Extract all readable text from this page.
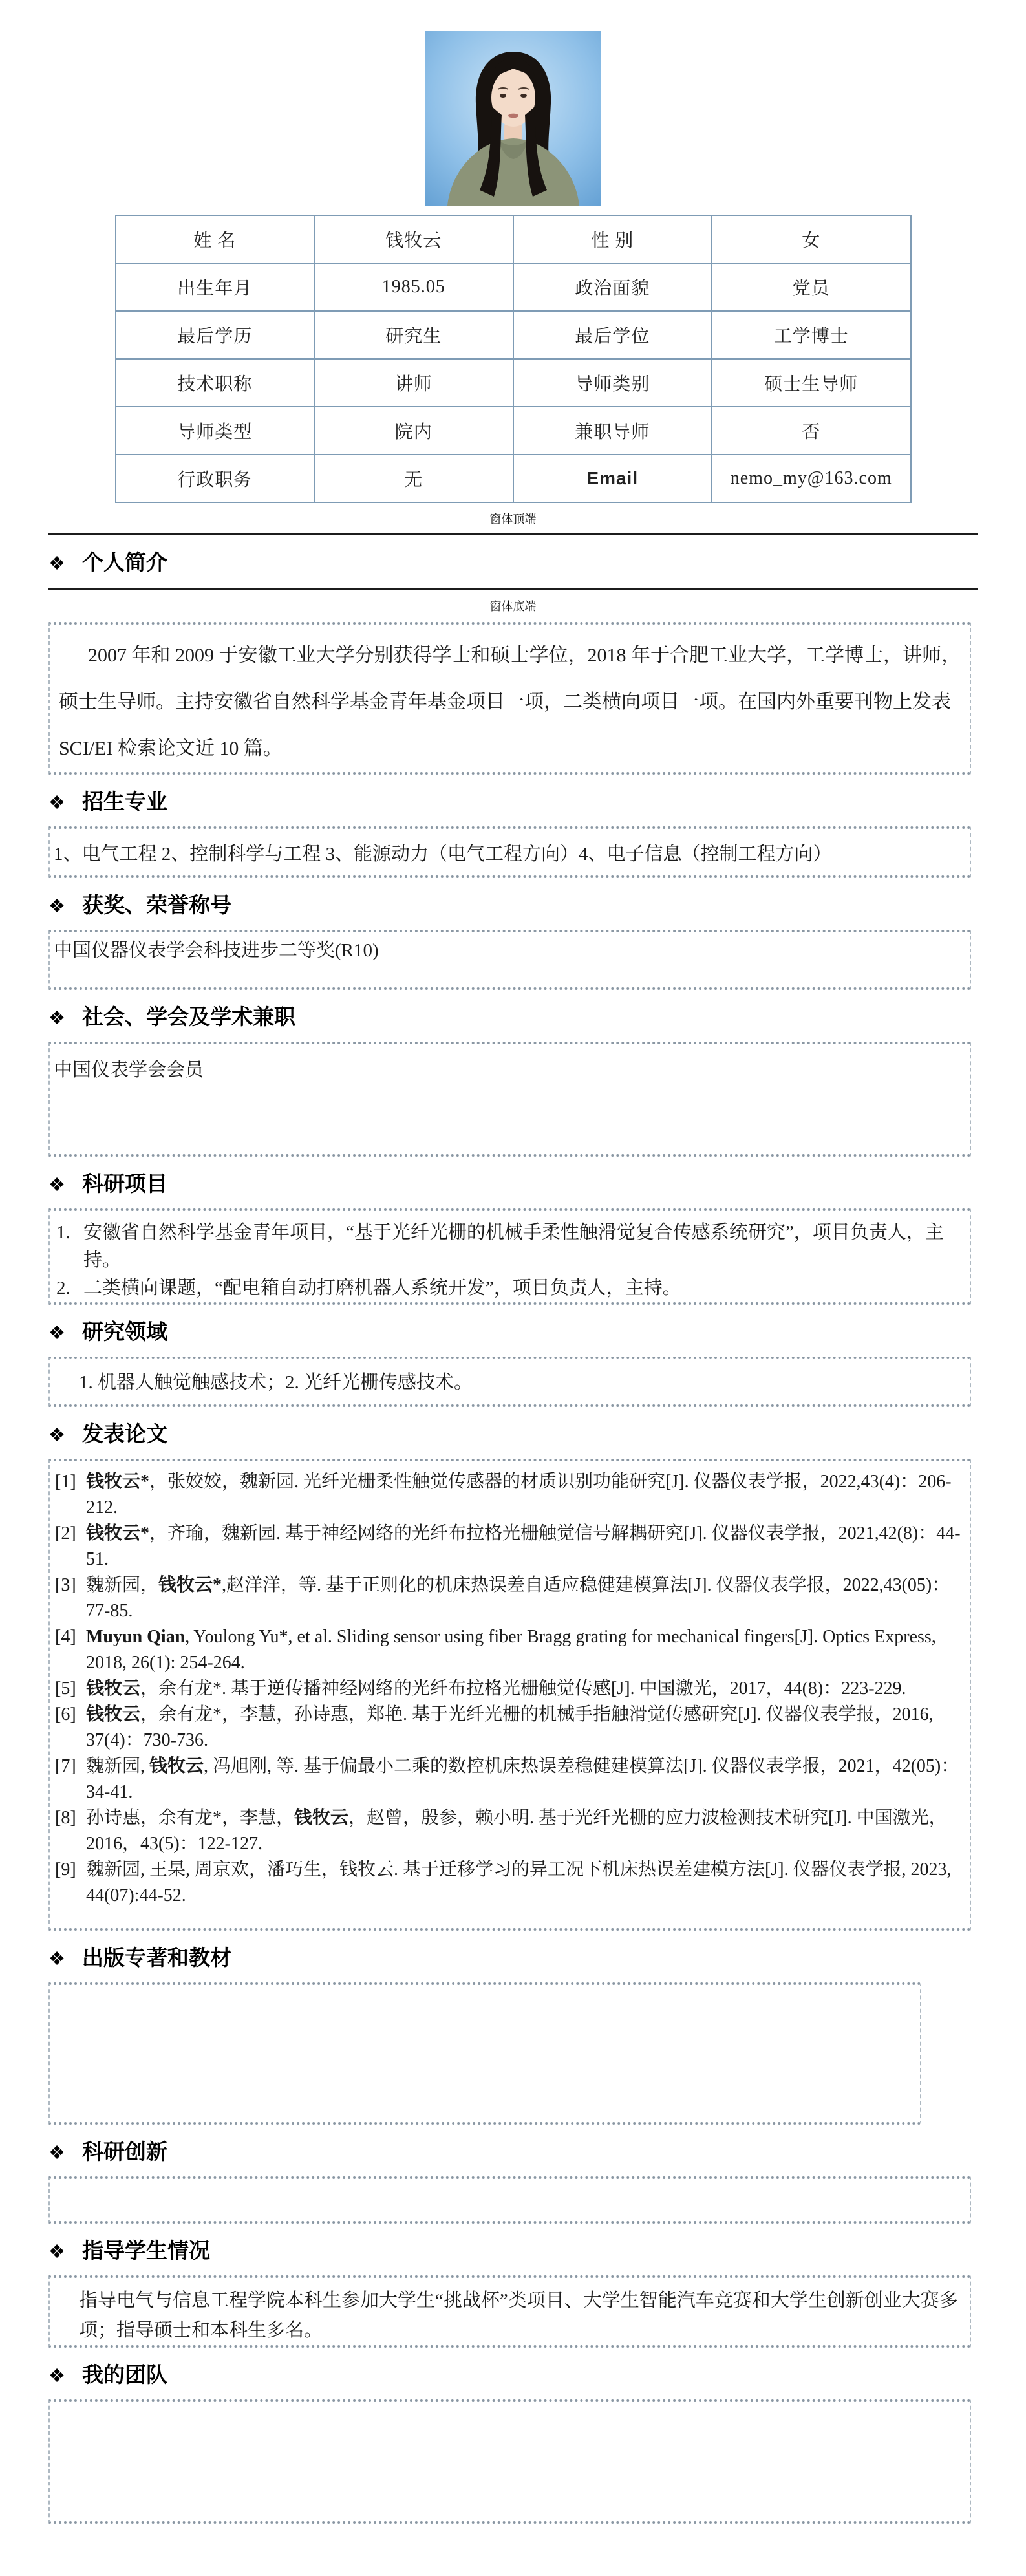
姓 名	钱牧云	性 别	女
出生年月	1985.05	政治面貌	党员
最后学历	研究生	最后学位	工学博士
技术职称	讲师	导师类别	硕士生导师
导师类型	院内	兼职导师	否
行政职务	无	Email	nemo_my@163.com
窗体顶端
❖ 个人简介
窗体底端

2007 年和 2009 于安徽工业大学分别获得学士和硕士学位，2018 年于合肥工业大学，工学博士，讲师，硕士生导师。主持安徽省自然科学基金青年基金项目一项，二类横向项目一项。在国内外重要刊物上发表 SCI/EI 检索论文近 10 篇。

❖ 招生专业

1、电气工程 2、控制科学与工程 3、能源动力（电气工程方向）4、电子信息（控制工程方向）

❖ 获奖、荣誉称号

中国仪器仪表学会科技进步二等奖(R10)

❖ 社会、学会及学术兼职

中国仪表学会会员

❖ 科研项目
1. 安徽省自然科学基金青年项目，“基于光纤光栅的机械手柔性触滑觉复合传感系统研究”，项目负责人，主持。
2. 二类横向课题，“配电箱自动打磨机器人系统开发”，项目负责人，主持。
❖ 研究领域

1. 机器人触觉触感技术；2. 光纤光栅传感技术。

❖ 发表论文
[1] 钱牧云*，张姣姣，魏新园. 光纤光栅柔性触觉传感器的材质识别功能研究[J]. 仪器仪表学报，2022,43(4)：206-212.
[2] 钱牧云*，齐瑜，魏新园. 基于神经网络的光纤布拉格光栅触觉信号解耦研究[J]. 仪器仪表学报，2021,42(8)：44-51.
[3] 魏新园，钱牧云*,赵洋洋，等. 基于正则化的机床热误差自适应稳健建模算法[J]. 仪器仪表学报，2022,43(05)：77-85.
[4] Muyun Qian, Youlong Yu*, et al. Sliding sensor using fiber Bragg grating for mechanical fingers[J]. Optics Express, 2018, 26(1): 254-264.
[5] 钱牧云，余有龙*. 基于逆传播神经网络的光纤布拉格光栅触觉传感[J]. 中国激光，2017，44(8)：223-229.
[6] 钱牧云，余有龙*，李慧，孙诗惠，郑艳. 基于光纤光栅的机械手指触滑觉传感研究[J]. 仪器仪表学报，2016, 37(4)：730-736.
[7] 魏新园, 钱牧云, 冯旭刚, 等. 基于偏最小二乘的数控机床热误差稳健建模算法[J]. 仪器仪表学报，2021，42(05)：34-41.
[8] 孙诗惠，余有龙*，李慧，钱牧云，赵曾，殷参，赖小明. 基于光纤光栅的应力波检测技术研究[J]. 中国激光，2016，43(5)：122-127.
[9] 魏新园, 王杲, 周京欢，潘巧生，钱牧云. 基于迁移学习的异工况下机床热误差建模方法[J]. 仪器仪表学报, 2023, 44(07):44-52.
❖ 出版专著和教材
❖ 科研创新
❖ 指导学生情况

指导电气与信息工程学院本科生参加大学生“挑战杯”类项目、大学生智能汽车竞赛和大学生创新创业大赛多项；指导硕士和本科生多名。

❖ 我的团队
